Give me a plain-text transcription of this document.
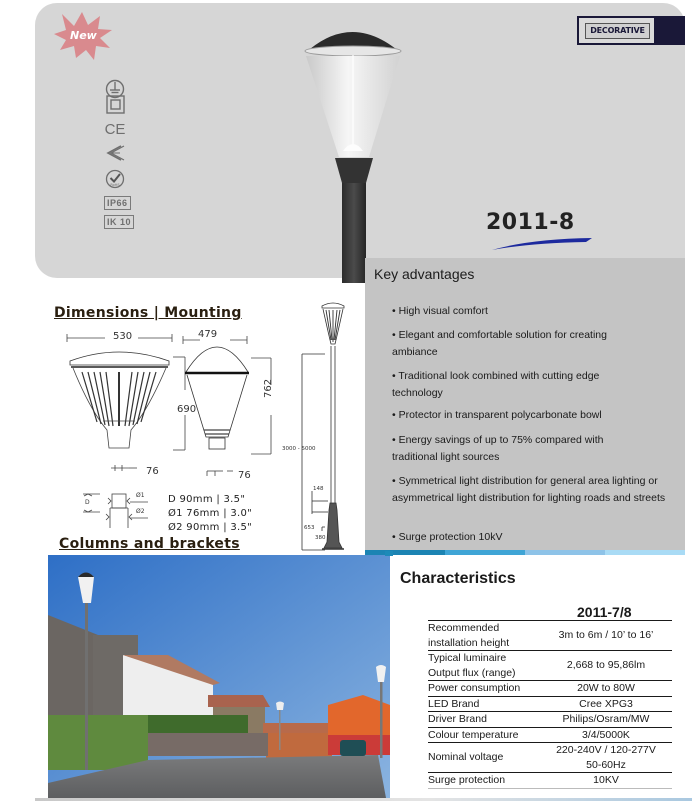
New
CE
RoHS
IP66
IK 10
DECORATIVE
2011-8
Key advantages
• High visual comfort
• Elegant and comfortable solution for creating ambiance
• Traditional look combined with cutting edge technology
• Protector in transparent polycarbonate bowl
• Energy savings of up to 75% compared with traditional light sources
• Symmetrical light distribution for general area lighting or asymmetrical light distribution for lighting roads and streets
• Surge protection 10kV
Dimensions | Mounting
530
690
76
479
762
76
3000 - 5000
148
653
380
D
Ø1
Ø2
D 90mm | 3.5"
Ø1 76mm | 3.0"
Ø2 90mm | 3.5"
Columns and brackets
Characteristics
2011-7/8
Recommended
installation height	3m to 6m / 10’ to 16’

Typical luminaire
Output flux (range)	2,668 to 95,86lm
Power consumption	20W to 80W
LED Brand	Cree XPG3
Driver Brand	Philips/Osram/MW
Colour temperature	3/4/5000K
Nominal voltage	220-240V / 120-277V
50-60Hz

Surge protection	10KV
